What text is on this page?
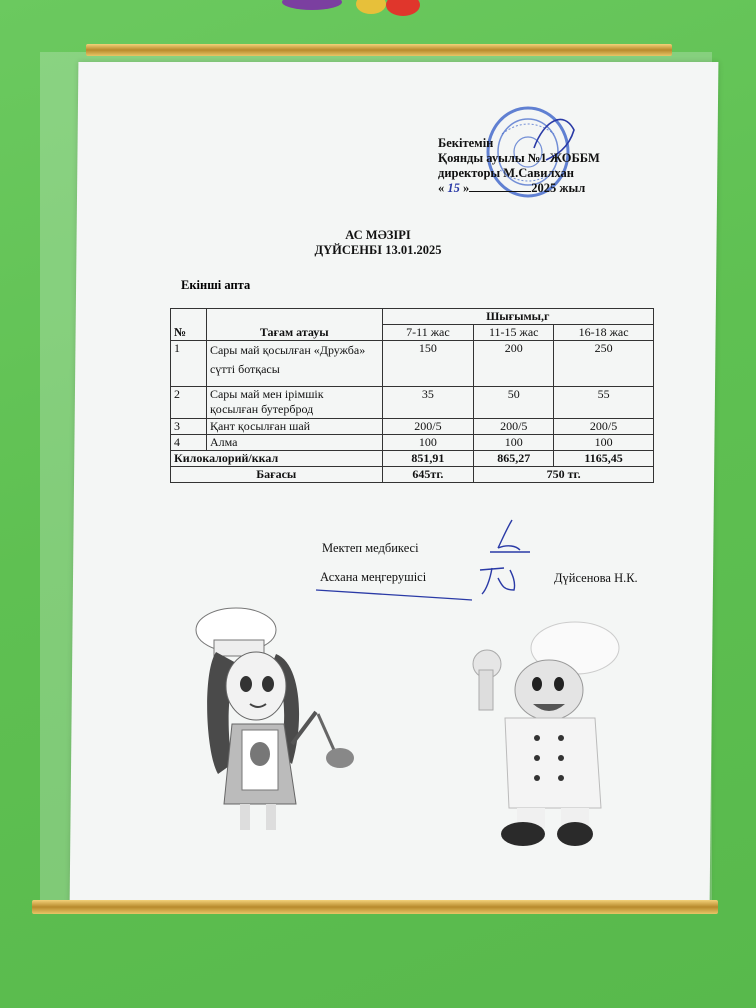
Бекітемін
Қоянды ауылы №1 ЖОББМ
директоры М.Савилхан
« 15 »	2025 жыл
АС МӘЗІРІ
ДҮЙСЕНБІ 13.01.2025
Екінші апта
№	Тағам атауы	Шығымы,г		
		7-11 жас	11-15 жас	16-18 жас
1	Сары май қосылған «Дружба» сүтті ботқасы	150	200	250
2	Сары май мен ірімшік қосылған бутерброд	35	50	55
3	Қант қосылған шай	200/5	200/5	200/5
4	Алма	100	100	100
Килокалорий/ккал		851,91	865,27	1165,45
Бағасы		645тг.	750 тг.	
Мектеп медбикесі
Асхана меңгерушісі	Дүйсенова Н.К.
